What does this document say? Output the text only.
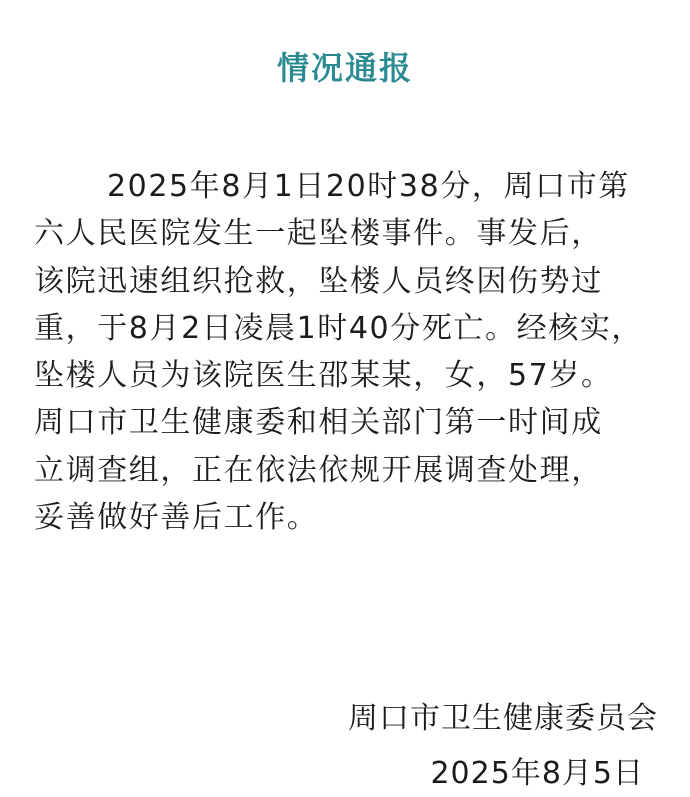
情况通报
2025年8月1日20时38分，周口市第
六人民医院发生一起坠楼事件。事发后，
该院迅速组织抢救，坠楼人员终因伤势过
重，于8月2日凌晨1时40分死亡。经核实，
坠楼人员为该院医生邵某某，女，57岁。
周口市卫生健康委和相关部门第一时间成
立调查组，正在依法依规开展调查处理，
妥善做好善后工作。
周口市卫生健康委员会
2025年8月5日
